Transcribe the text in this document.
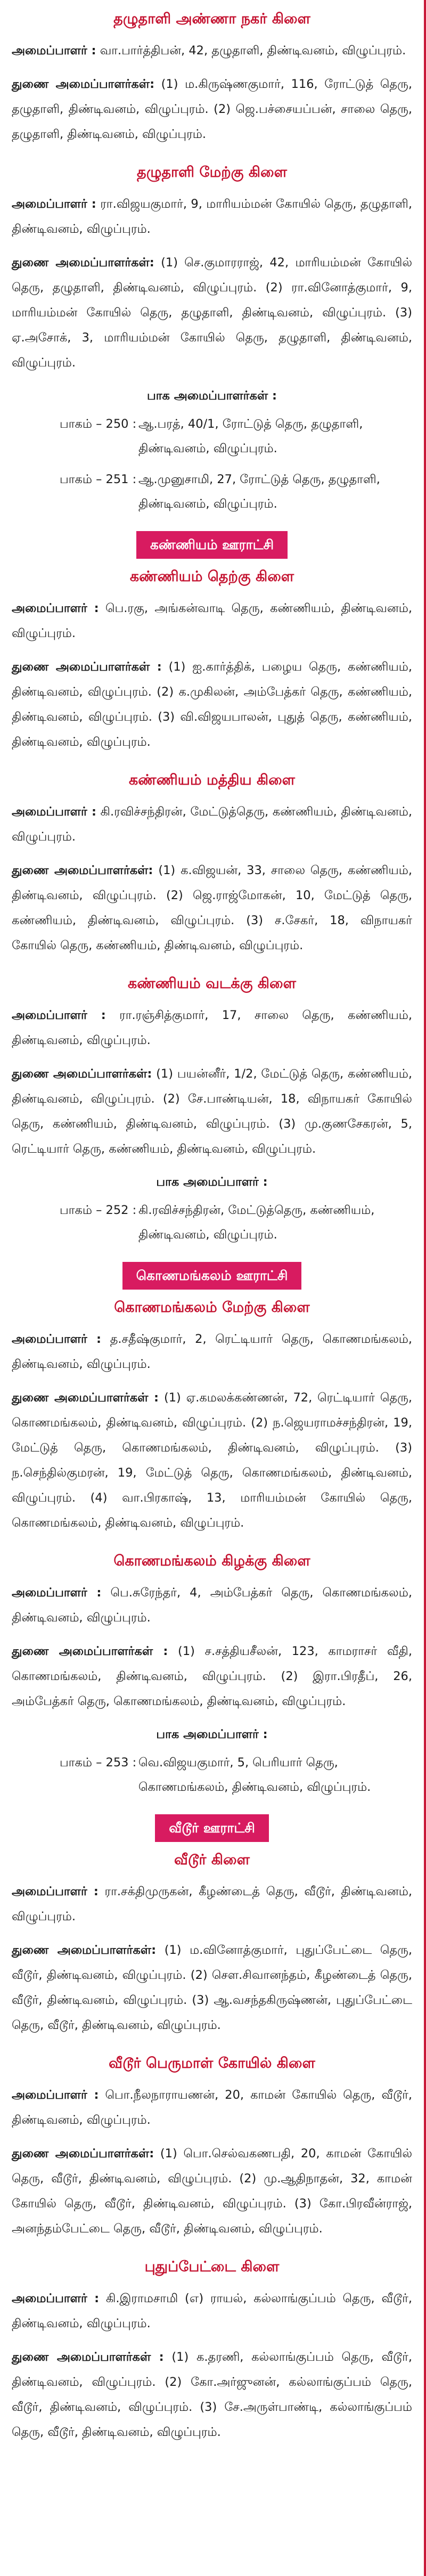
தழுதாளி அண்ணா நகர் கிளை

அமைப்பாளர் : வா.பார்த்திபன், 42, தழுதாளி, திண்டிவனம், விழுப்புரம்.

துணை அமைப்பாளர்கள்: (1) ம.கிருஷ்ணகுமார், 116, ரோட்டுத் தெரு, தழுதாளி, திண்டிவனம், விழுப்புரம். (2) ஜெ.பச்சையப்பன், சாலை தெரு, தழுதாளி, திண்டிவனம், விழுப்புரம்.

தழுதாளி மேற்கு கிளை

அமைப்பாளர் : ரா.விஜயகுமார், 9, மாரியம்மன் கோயில் தெரு, தழுதாளி, திண்டிவனம், விழுப்புரம்.

துணை அமைப்பாளர்கள்: (1) செ.குமாரராஜ், 42, மாரியம்மன் கோயில் தெரு, தழுதாளி, திண்டிவனம், விழுப்புரம். (2) ரா.வினோத்குமார், 9, மாரியம்மன் கோயில் தெரு, தழுதாளி, திண்டிவனம், விழுப்புரம். (3) ஏ.அசோக், 3, மாரியம்மன் கோயில் தெரு, தழுதாளி, திண்டிவனம், விழுப்புரம்.

பாக அமைப்பாளர்கள் :
பாகம் – 250 : ஆ.பரத், 40/1, ரோட்டுத் தெரு, தழுதாளி, திண்டிவனம், விழுப்புரம்.
பாகம் – 251 : ஆ.முனுசாமி, 27, ரோட்டுத் தெரு, தழுதாளி, திண்டிவனம், விழுப்புரம்.
கண்ணியம் ஊராட்சி
கண்ணியம் தெற்கு கிளை

அமைப்பாளர் : பெ.ரகு, அங்கன்வாடி தெரு, கண்ணியம், திண்டிவனம், விழுப்புரம்.

துணை அமைப்பாளர்கள் : (1) ஐ.கார்த்திக், பழைய தெரு, கண்ணியம், திண்டிவனம், விழுப்புரம். (2) க.முகிலன், அம்பேத்கர் தெரு, கண்ணியம், திண்டிவனம், விழுப்புரம். (3) வி.விஜயபாலன், புதுத் தெரு, கண்ணியம், திண்டிவனம், விழுப்புரம்.

கண்ணியம் மத்திய கிளை

அமைப்பாளர் : கி.ரவிச்சந்திரன், மேட்டுத்தெரு, கண்ணியம், திண்டிவனம், விழுப்புரம்.

துணை அமைப்பாளர்கள்: (1) க.விஜயன், 33, சாலை தெரு, கண்ணியம், திண்டிவனம், விழுப்புரம். (2) ஜெ.ராஜ்மோகன், 10, மேட்டுத் தெரு, கண்ணியம், திண்டிவனம், விழுப்புரம். (3) ச.சேகர், 18, விநாயகர் கோயில் தெரு, கண்ணியம், திண்டிவனம், விழுப்புரம்.

கண்ணியம் வடக்கு கிளை

அமைப்பாளர் : ரா.ரஞ்சித்குமார், 17, சாலை தெரு, கண்ணியம், திண்டிவனம், விழுப்புரம்.

துணை அமைப்பாளர்கள்: (1) பயன்னீர், 1/2, மேட்டுத் தெரு, கண்ணியம், திண்டிவனம், விழுப்புரம். (2) சே.பாண்டியன், 18, விநாயகர் கோயில் தெரு, கண்ணியம், திண்டிவனம், விழுப்புரம். (3) மு.குணசேகரன், 5, ரெட்டியார் தெரு, கண்ணியம், திண்டிவனம், விழுப்புரம்.

பாக அமைப்பாளர் :
பாகம் – 252 : கி.ரவிச்சந்திரன், மேட்டுத்தெரு, கண்ணியம், திண்டிவனம், விழுப்புரம்.
கொணமங்கலம் ஊராட்சி
கொணமங்கலம் மேற்கு கிளை

அமைப்பாளர் : த.சதீஷ்குமார், 2, ரெட்டியார் தெரு, கொணமங்கலம், திண்டிவனம், விழுப்புரம்.

துணை அமைப்பாளர்கள் : (1) ஏ.கமலக்கண்ணன், 72, ரெட்டியார் தெரு, கொணமங்கலம், திண்டிவனம், விழுப்புரம். (2) ந.ஜெயராமச்சந்திரன், 19, மேட்டுத் தெரு, கொணமங்கலம், திண்டிவனம், விழுப்புரம். (3) ந.செந்தில்குமரன், 19, மேட்டுத் தெரு, கொணமங்கலம், திண்டிவனம், விழுப்புரம். (4) வா.பிரகாஷ், 13, மாரியம்மன் கோயில் தெரு, கொணமங்கலம், திண்டிவனம், விழுப்புரம்.

கொணமங்கலம் கிழக்கு கிளை

அமைப்பாளர் : பெ.சுரேந்தர், 4, அம்பேத்கர் தெரு, கொணமங்கலம், திண்டிவனம், விழுப்புரம்.

துணை அமைப்பாளர்கள் : (1) ச.சத்தியசீலன், 123, காமராசர் வீதி, கொணமங்கலம், திண்டிவனம், விழுப்புரம். (2) இரா.பிரதீப், 26, அம்பேத்கர் தெரு, கொணமங்கலம், திண்டிவனம், விழுப்புரம்.

பாக அமைப்பாளர் :
பாகம் – 253 : வெ.விஜயகுமார், 5, பெரியார் தெரு, கொணமங்கலம், திண்டிவனம், விழுப்புரம்.
வீடூர் ஊராட்சி
வீடூர் கிளை

அமைப்பாளர் : ரா.சக்திமுருகன், கீழண்டைத் தெரு, வீடூர், திண்டிவனம், விழுப்புரம்.

துணை அமைப்பாளர்கள்: (1) ம.வினோத்குமார், புதுப்பேட்டை தெரு, வீடூர், திண்டிவனம், விழுப்புரம். (2) சௌ.சிவானந்தம், கீழண்டைத் தெரு, வீடூர், திண்டிவனம், விழுப்புரம். (3) ஆ.வசந்தகிருஷ்ணன், புதுப்பேட்டை தெரு, வீடூர், திண்டிவனம், விழுப்புரம்.

வீடூர் பெருமாள் கோயில் கிளை

அமைப்பாளர் : பொ.நீலநாராயணன், 20, காமன் கோயில் தெரு, வீடூர், திண்டிவனம், விழுப்புரம்.

துணை அமைப்பாளர்கள்: (1) பொ.செல்வகணபதி, 20, காமன் கோயில் தெரு, வீடூர், திண்டிவனம், விழுப்புரம். (2) மு.ஆதிநாதன், 32, காமன் கோயில் தெரு, வீடூர், திண்டிவனம், விழுப்புரம். (3) கோ.பிரவீன்ராஜ், அனந்தம்பேட்டை தெரு, வீடூர், திண்டிவனம், விழுப்புரம்.

புதுப்பேட்டை கிளை

அமைப்பாளர் : கி.இராமசாமி (எ) ராயல், கல்லாங்குப்பம் தெரு, வீடூர், திண்டிவனம், விழுப்புரம்.

துணை அமைப்பாளர்கள் : (1) க.தரணி, கல்லாங்குப்பம் தெரு, வீடூர், திண்டிவனம், விழுப்புரம். (2) கோ.அர்ஜுனன், கல்லாங்குப்பம் தெரு, வீடூர், திண்டிவனம், விழுப்புரம். (3) சே.அருள்பாண்டி, கல்லாங்குப்பம் தெரு, வீடூர், திண்டிவனம், விழுப்புரம்.
